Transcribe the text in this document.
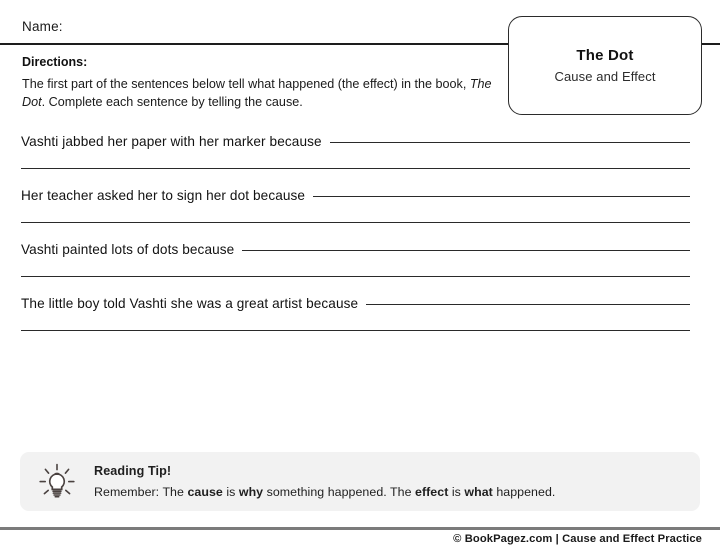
Name:
The Dot
Cause and Effect
Directions:
The first part of the sentences below tell what happened (the effect) in the book, The Dot. Complete each sentence by telling the cause.
Vashti jabbed her paper with her marker because
Her teacher asked her to sign her dot because
Vashti painted lots of dots because
The little boy told Vashti she was a great artist because
Reading Tip!
Remember: The cause is why something happened. The effect is what happened.
© BookPagez.com | Cause and Effect Practice
